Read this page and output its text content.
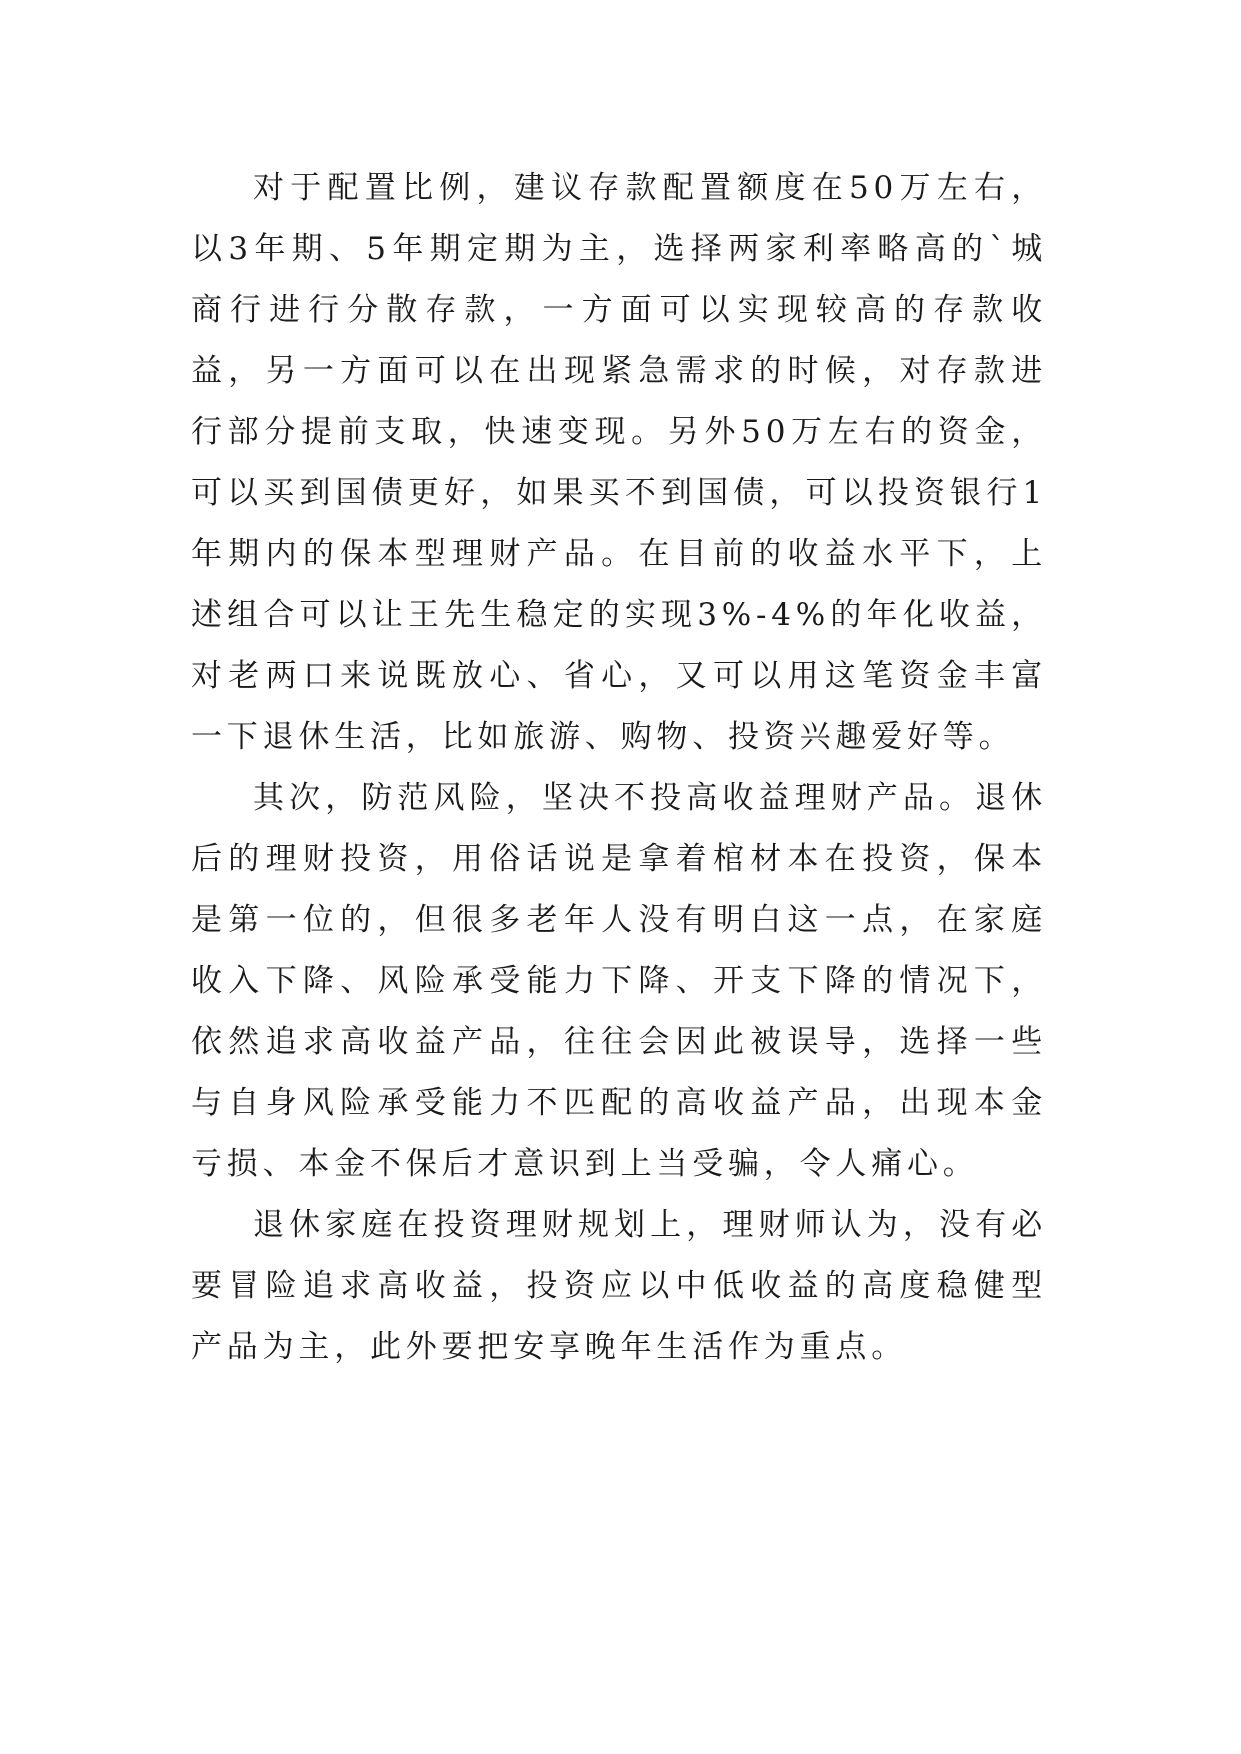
对于配置比例，建议存款配置额度在50万左右，以3年期、5年期定期为主，选择两家利率略高的`城商行进行分散存款，一方面可以实现较高的存款收益，另一方面可以在出现紧急需求的时候，对存款进行部分提前支取，快速变现。另外50万左右的资金，可以买到国债更好，如果买不到国债，可以投资银行1年期内的保本型理财产品。在目前的收益水平下，上述组合可以让王先生稳定的实现3%-4%的年化收益，对老两口来说既放心、省心，又可以用这笔资金丰富一下退休生活，比如旅游、购物、投资兴趣爱好等。

其次，防范风险，坚决不投高收益理财产品。退休后的理财投资，用俗话说是拿着棺材本在投资，保本是第一位的，但很多老年人没有明白这一点，在家庭收入下降、风险承受能力下降、开支下降的情况下，依然追求高收益产品，往往会因此被误导，选择一些与自身风险承受能力不匹配的高收益产品，出现本金亏损、本金不保后才意识到上当受骗，令人痛心。

退休家庭在投资理财规划上，理财师认为，没有必要冒险追求高收益，投资应以中低收益的高度稳健型产品为主，此外要把安享晚年生活作为重点。
